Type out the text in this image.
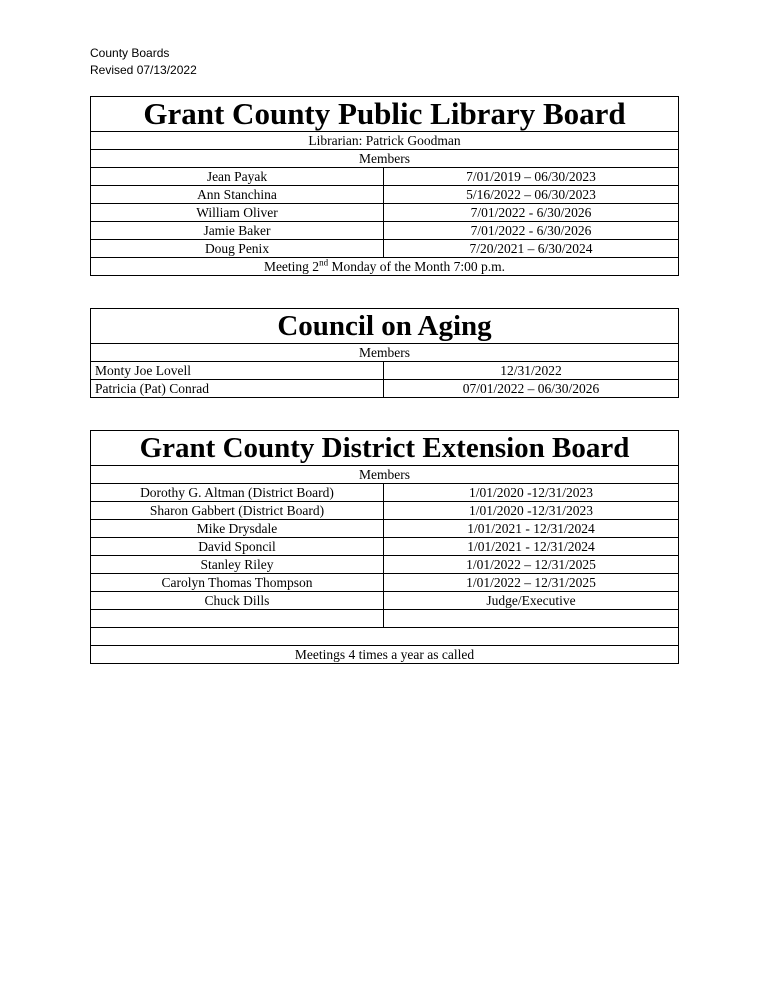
County Boards
Revised 07/13/2022
Grant County Public Library Board	
Librarian: Patrick Goodman	
Members	
Jean Payak	7/01/2019 – 06/30/2023
Ann Stanchina	5/16/2022 – 06/30/2023
William Oliver	7/01/2022 - 6/30/2026
Jamie Baker	7/01/2022 - 6/30/2026
Doug Penix	7/20/2021 – 6/30/2024
Meeting 2nd Monday of the Month 7:00 p.m.	
Council on Aging	
Members	
Monty Joe Lovell	12/31/2022
Patricia (Pat) Conrad	07/01/2022 – 06/30/2026
Grant County District Extension Board	
Members	
Dorothy G. Altman (District Board)	1/01/2020 -12/31/2023
Sharon Gabbert (District Board)	1/01/2020 -12/31/2023
Mike Drysdale	1/01/2021 - 12/31/2024
David Sponcil	1/01/2021 - 12/31/2024
Stanley Riley	1/01/2022 – 12/31/2025
Carolyn Thomas Thompson	1/01/2022 – 12/31/2025
Chuck Dills	Judge/Executive

Meetings 4 times a year as called	
